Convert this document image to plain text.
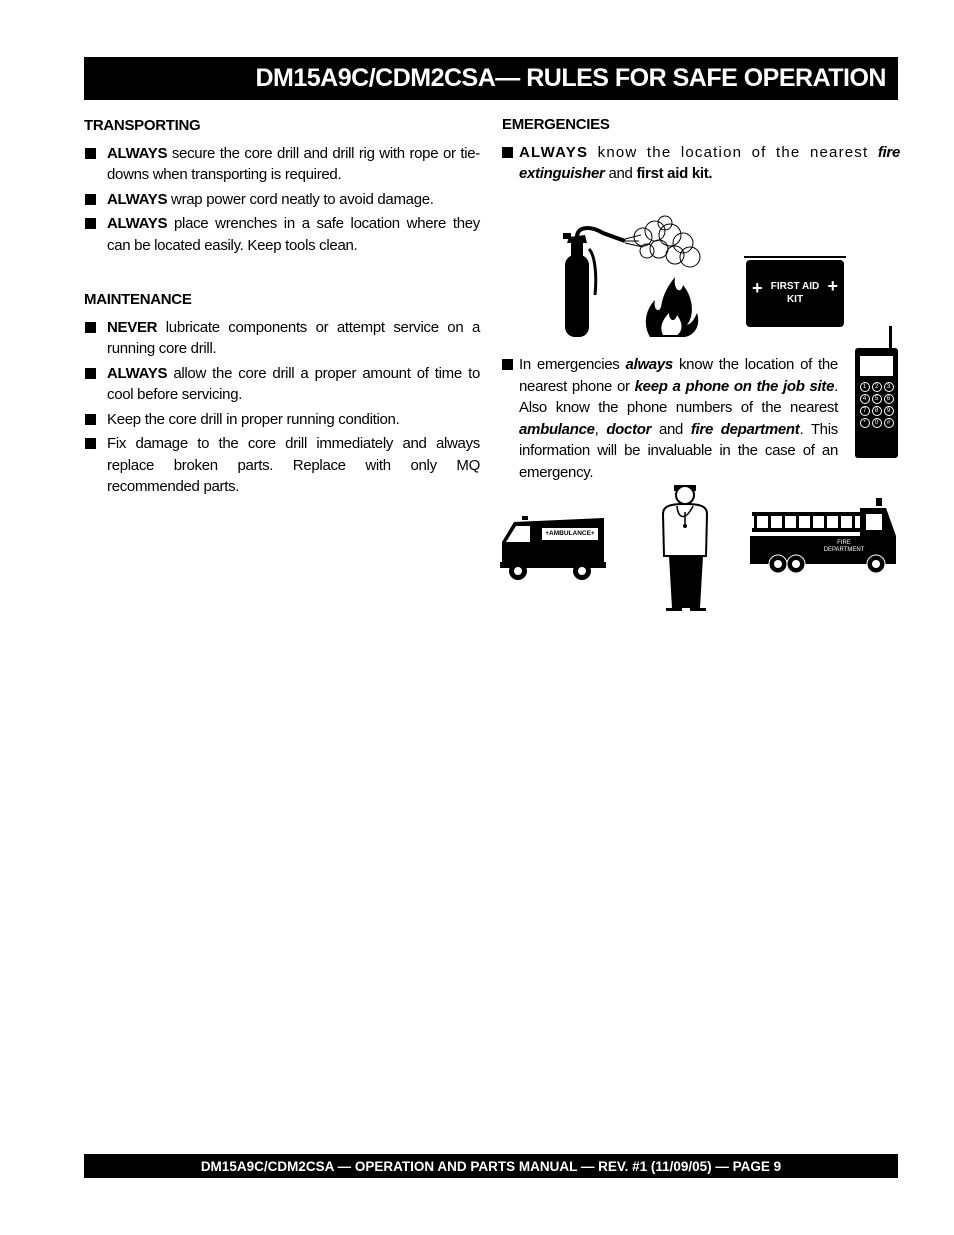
DM15A9C/CDM2CSA— RULES FOR SAFE OPERATION
TRANSPORTING
ALWAYS secure the core drill and drill rig with rope or tie-downs when transporting is required.
ALWAYS wrap power cord neatly to avoid damage.
ALWAYS place wrenches in a safe location where they can be located easily. Keep tools clean.
MAINTENANCE
NEVER lubricate components or attempt service on a running core drill.
ALWAYS allow the core drill a proper amount of time to cool before servicing.
Keep the core drill in proper running condition.
Fix damage to the core drill immediately and always replace broken parts. Replace with only MQ recommended parts.
EMERGENCIES
ALWAYS know the location of the nearest fire extinguisher and first aid kit.
In emergencies always know the location of the nearest phone or keep a phone on the job site. Also know the phone numbers of the nearest ambulance, doctor and fire department. This information will be invaluable in the case of an emergency.
+	+
FIRST AID
KIT
1	2	3
4	5	6
7	8	9
*	0	#
+AMBULANCE+
FIRE
DEPARTMENT
DM15A9C/CDM2CSA — OPERATION AND PARTS MANUAL — REV. #1 (11/09/05) — PAGE 9
